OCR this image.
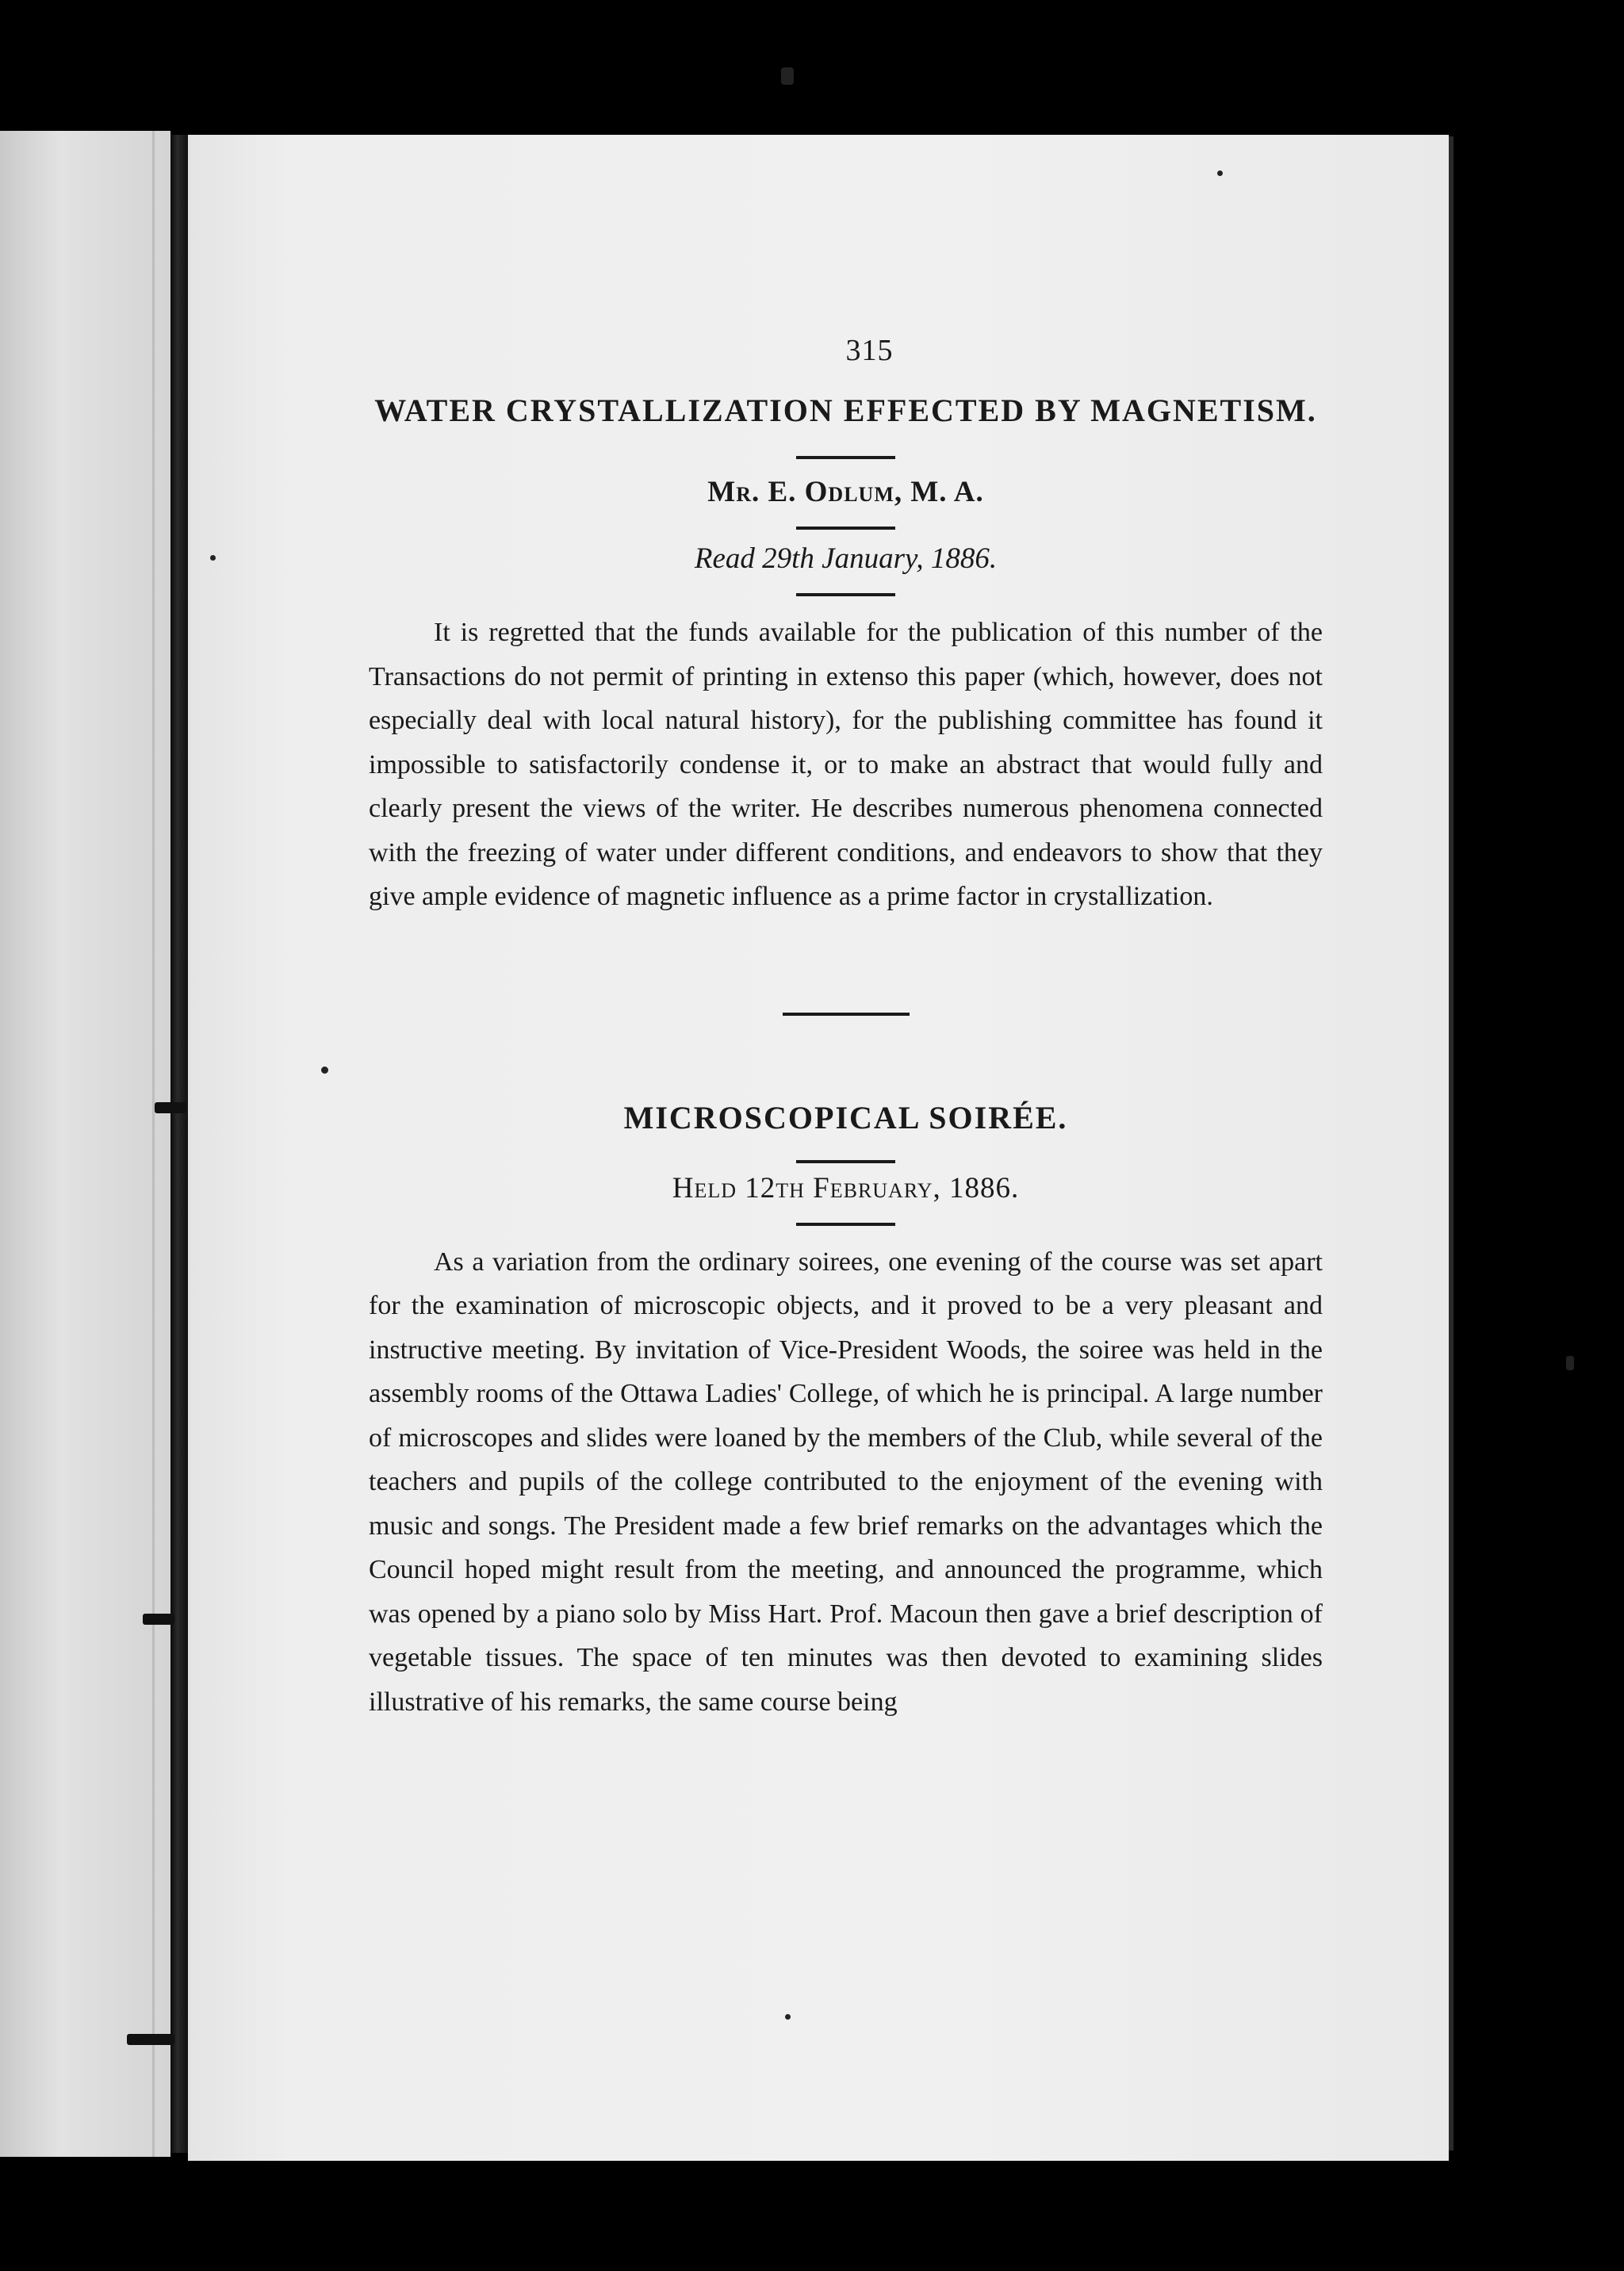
315

WATER CRYSTALLIZATION EFFECTED BY MAGNETISM.

Mr. E. Odlum, M. A.

Read 29th January, 1886.

It is regretted that the funds available for the publication of this number of the Transactions do not permit of printing in extenso this paper (which, however, does not especially deal with local natural history), for the publishing committee has found it impossible to satisfactorily condense it, or to make an abstract that would fully and clearly present the views of the writer. He describes numerous phenomena connected with the freezing of water under different conditions, and endeavors to show that they give ample evidence of magnetic influence as a prime factor in crystallization.

MICROSCOPICAL SOIRÉE.

Held 12th February, 1886.

As a variation from the ordinary soirees, one evening of the course was set apart for the examination of microscopic objects, and it proved to be a very pleasant and instructive meeting. By invitation of Vice-President Woods, the soiree was held in the assembly rooms of the Ottawa Ladies' College, of which he is principal. A large number of microscopes and slides were loaned by the members of the Club, while several of the teachers and pupils of the college contributed to the enjoyment of the evening with music and songs. The President made a few brief remarks on the advantages which the Council hoped might result from the meeting, and announced the programme, which was opened by a piano solo by Miss Hart. Prof. Macoun then gave a brief description of vegetable tissues. The space of ten minutes was then devoted to examining slides illustrative of his remarks, the same course being
